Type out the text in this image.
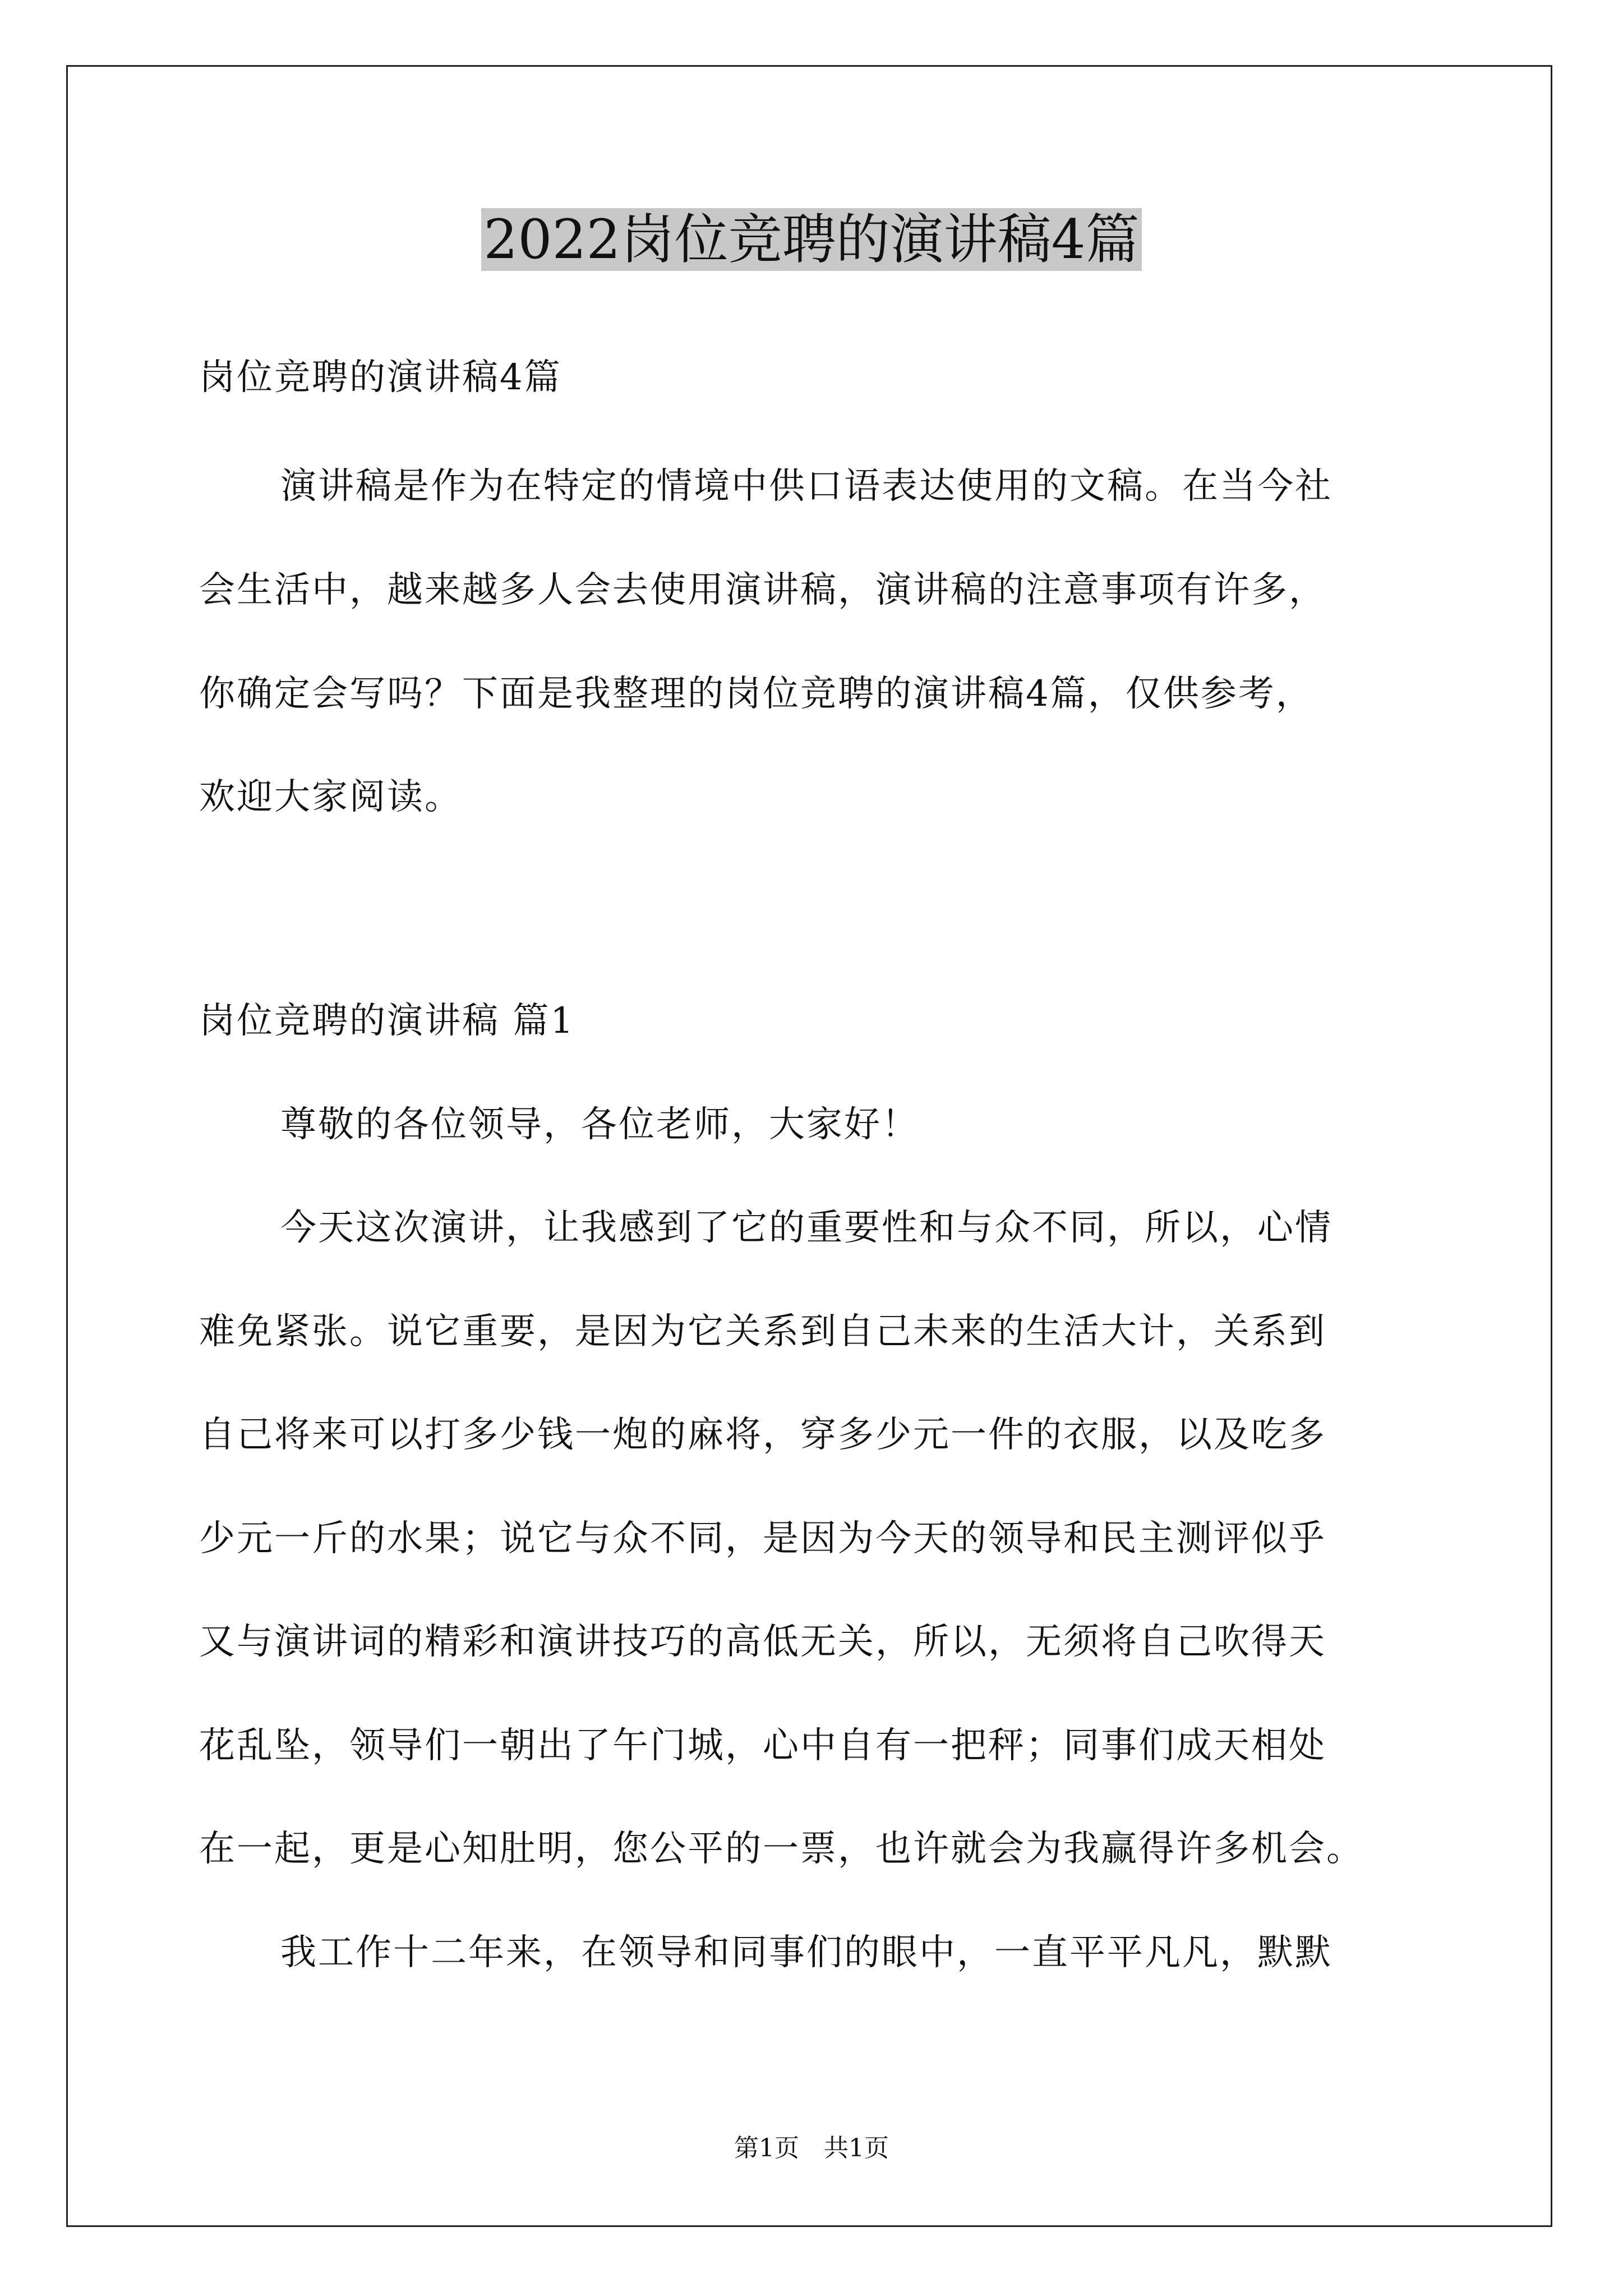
2022岗位竞聘的演讲稿4篇

岗位竞聘的演讲稿4篇

演讲稿是作为在特定的情境中供口语表达使用的文稿。在当今社

会生活中，越来越多人会去使用演讲稿，演讲稿的注意事项有许多，

你确定会写吗？下面是我整理的岗位竞聘的演讲稿4篇，仅供参考，

欢迎大家阅读。

岗位竞聘的演讲稿 篇1

尊敬的各位领导，各位老师，大家好！

今天这次演讲，让我感到了它的重要性和与众不同，所以，心情

难免紧张。说它重要，是因为它关系到自己未来的生活大计，关系到

自己将来可以打多少钱一炮的麻将，穿多少元一件的衣服，以及吃多

少元一斤的水果；说它与众不同，是因为今天的领导和民主测评似乎

又与演讲词的精彩和演讲技巧的高低无关，所以，无须将自己吹得天

花乱坠，领导们一朝出了午门城，心中自有一把秤；同事们成天相处

在一起，更是心知肚明，您公平的一票，也许就会为我赢得许多机会。

我工作十二年来，在领导和同事们的眼中，一直平平凡凡，默默

第1页　共1页
